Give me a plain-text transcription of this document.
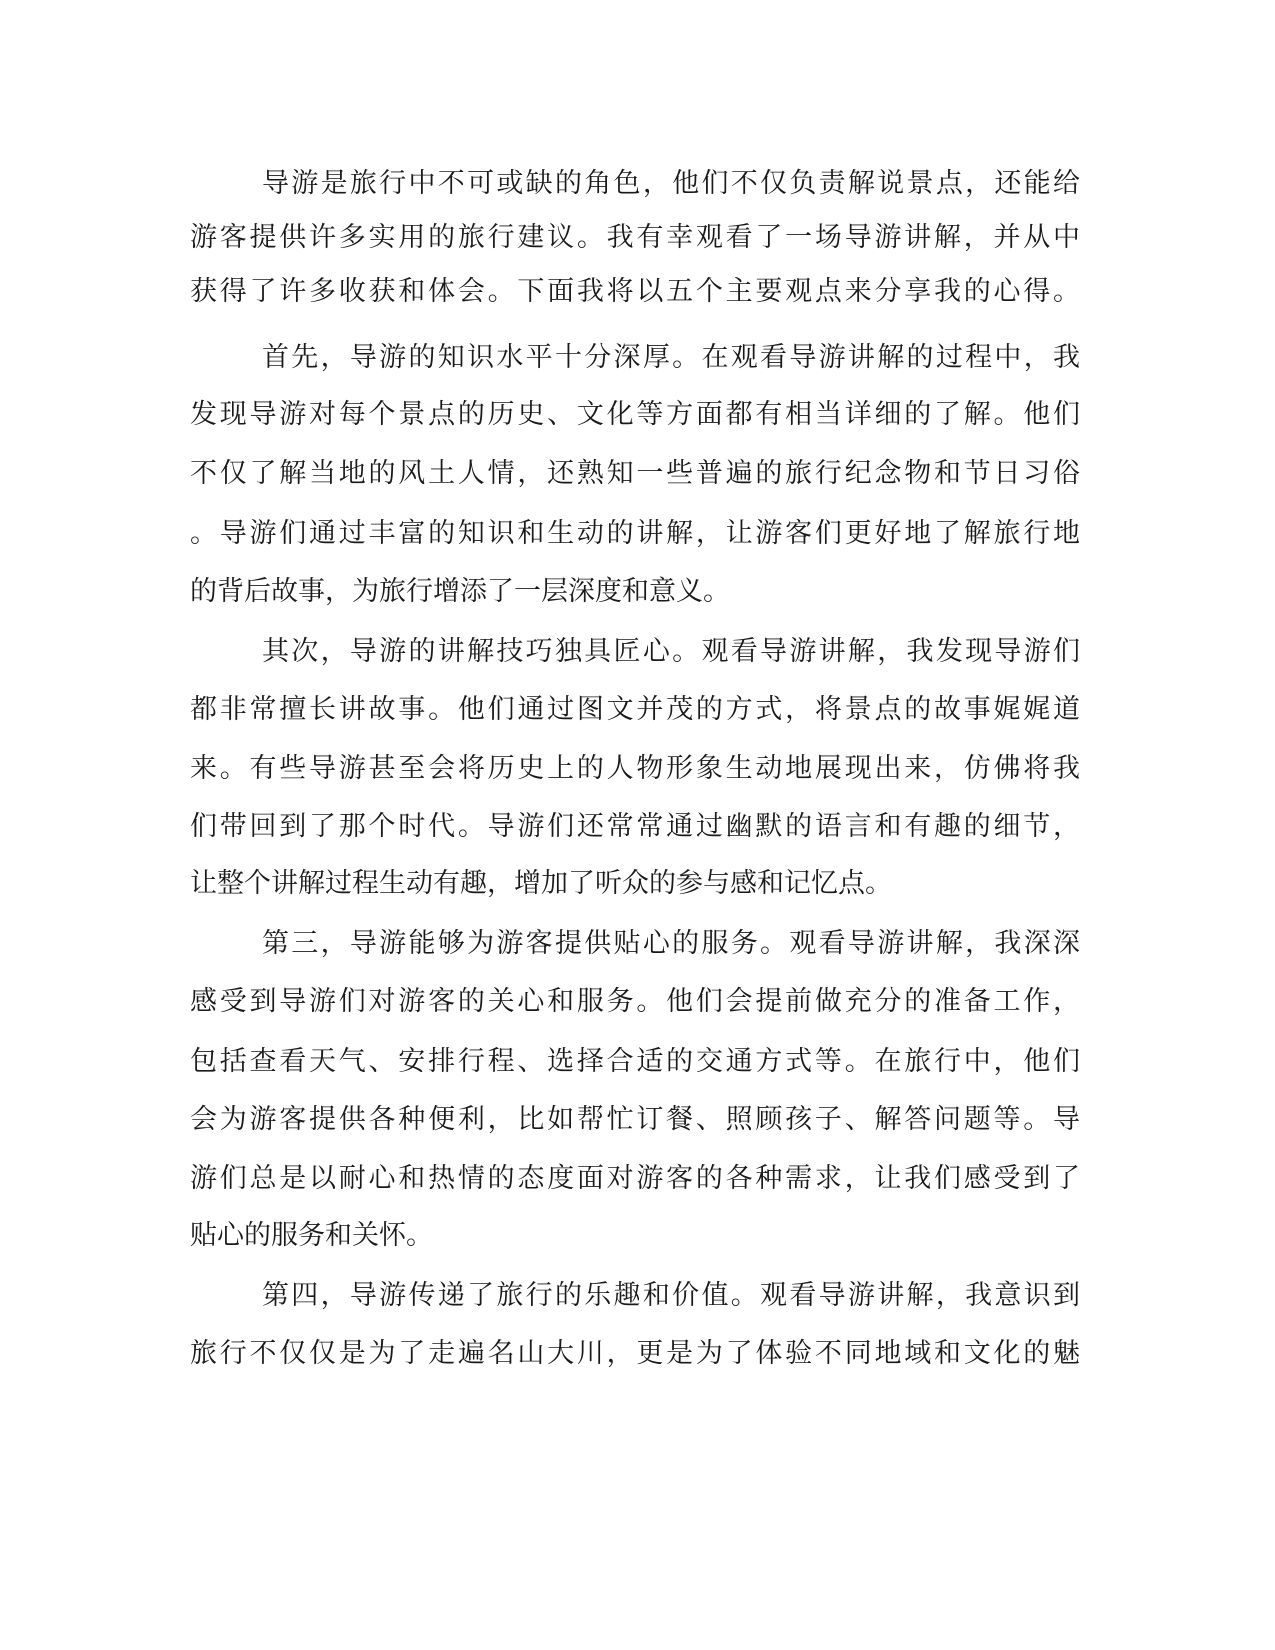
导游是旅行中不可或缺的角色，他们不仅负责解说景点，还能给

游客提供许多实用的旅行建议。我有幸观看了一场导游讲解，并从中

获得了许多收获和体会。下面我将以五个主要观点来分享我的心得。

首先，导游的知识水平十分深厚。在观看导游讲解的过程中，我

发现导游对每个景点的历史、文化等方面都有相当详细的了解。他们

不仅了解当地的风土人情，还熟知一些普遍的旅行纪念物和节日习俗

。导游们通过丰富的知识和生动的讲解，让游客们更好地了解旅行地

的背后故事，为旅行增添了一层深度和意义。

其次，导游的讲解技巧独具匠心。观看导游讲解，我发现导游们

都非常擅长讲故事。他们通过图文并茂的方式，将景点的故事娓娓道

来。有些导游甚至会将历史上的人物形象生动地展现出来，仿佛将我

们带回到了那个时代。导游们还常常通过幽默的语言和有趣的细节，

让整个讲解过程生动有趣，增加了听众的参与感和记忆点。

第三，导游能够为游客提供贴心的服务。观看导游讲解，我深深

感受到导游们对游客的关心和服务。他们会提前做充分的准备工作，

包括查看天气、安排行程、选择合适的交通方式等。在旅行中，他们

会为游客提供各种便利，比如帮忙订餐、照顾孩子、解答问题等。导

游们总是以耐心和热情的态度面对游客的各种需求，让我们感受到了

贴心的服务和关怀。

第四，导游传递了旅行的乐趣和价值。观看导游讲解，我意识到

旅行不仅仅是为了走遍名山大川，更是为了体验不同地域和文化的魅
